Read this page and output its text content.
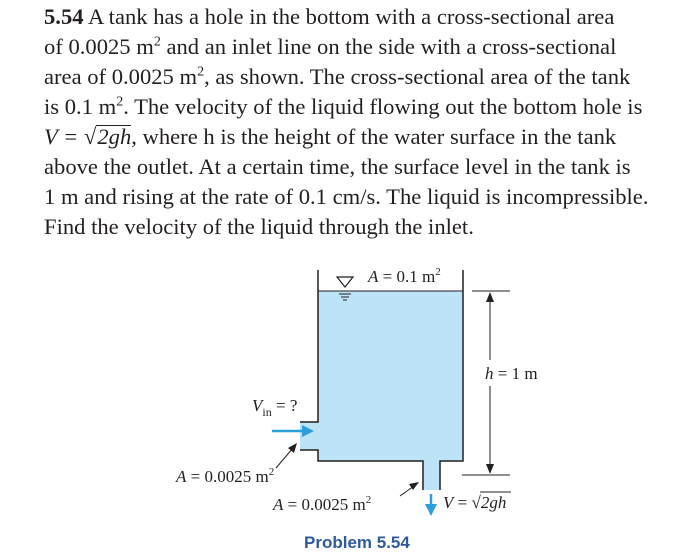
5.54 A tank has a hole in the bottom with a cross-sectional area
of 0.0025 $m^2$ and an inlet line on the side with a cross-sectional
area of 0.0025 $m^2$, as shown. The cross-sectional area of the tank
is 0.1 $m^2$. The velocity of the liquid flowing out the bottom hole is
V = √2gh, where h is the height of the water surface in the tank
above the outlet. At a certain time, the surface level in the tank is
1 m and rising at the rate of 0.1 cm/s. The liquid is incompressible.
Find the velocity of the liquid through the inlet.
A = 0.1 $m^2$
h = 1 m
$V_{in}$ = ?
A = 0.0025 $m^2$
A = 0.0025 $m^2$	V = √2gh
Problem 5.54
